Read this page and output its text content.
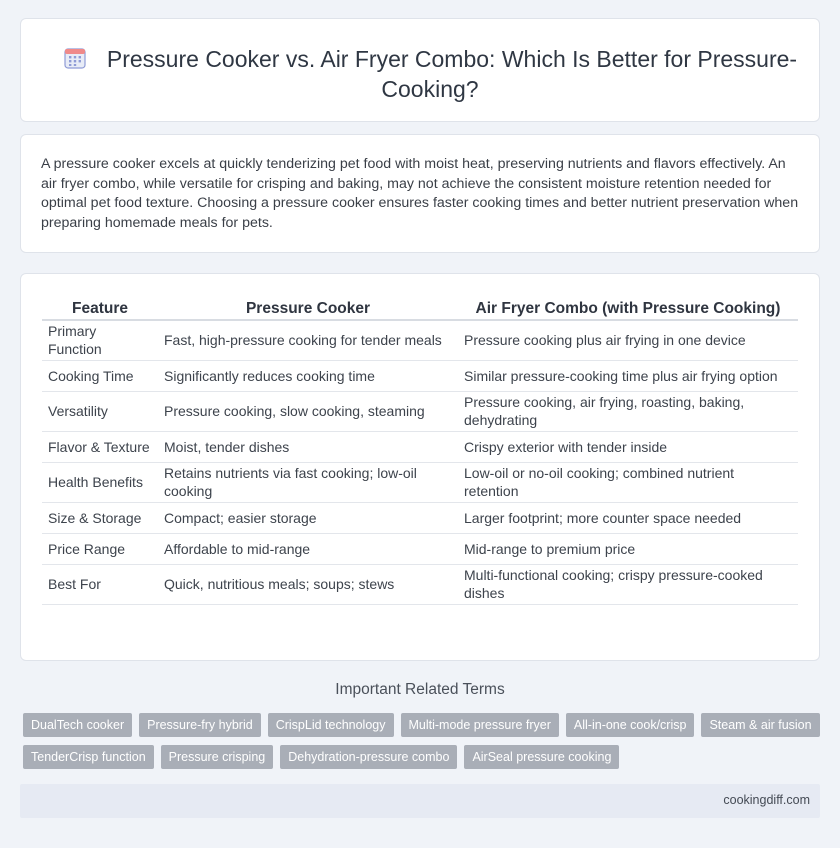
Pressure Cooker vs. Air Fryer Combo: Which Is Better for Pressure-Cooking?

A pressure cooker excels at quickly tenderizing pet food with moist heat, preserving nutrients and flavors effectively. An air fryer combo, while versatile for crisping and baking, may not achieve the consistent moisture retention needed for optimal pet food texture. Choosing a pressure cooker ensures faster cooking times and better nutrient preservation when preparing homemade meals for pets.

Feature	Pressure Cooker	Air Fryer Combo (with Pressure Cooking)
Primary Function	Fast, high-pressure cooking for tender meals	Pressure cooking plus air frying in one device
Cooking Time	Significantly reduces cooking time	Similar pressure-cooking time plus air frying option
Versatility	Pressure cooking, slow cooking, steaming	Pressure cooking, air frying, roasting, baking, dehydrating
Flavor & Texture	Moist, tender dishes	Crispy exterior with tender inside
Health Benefits	Retains nutrients via fast cooking; low-oil cooking	Low-oil or no-oil cooking; combined nutrient retention
Size & Storage	Compact; easier storage	Larger footprint; more counter space needed
Price Range	Affordable to mid-range	Mid-range to premium price
Best For	Quick, nutritious meals; soups; stews	Multi-functional cooking; crispy pressure-cooked dishes
Important Related Terms
DualTech cooker	Pressure-fry hybrid	CrispLid technology	Multi-mode pressure fryer	All-in-one cook/crisp	Steam & air fusion
TenderCrisp function	Pressure crisping	Dehydration-pressure combo	AirSeal pressure cooking
cookingdiff.com
